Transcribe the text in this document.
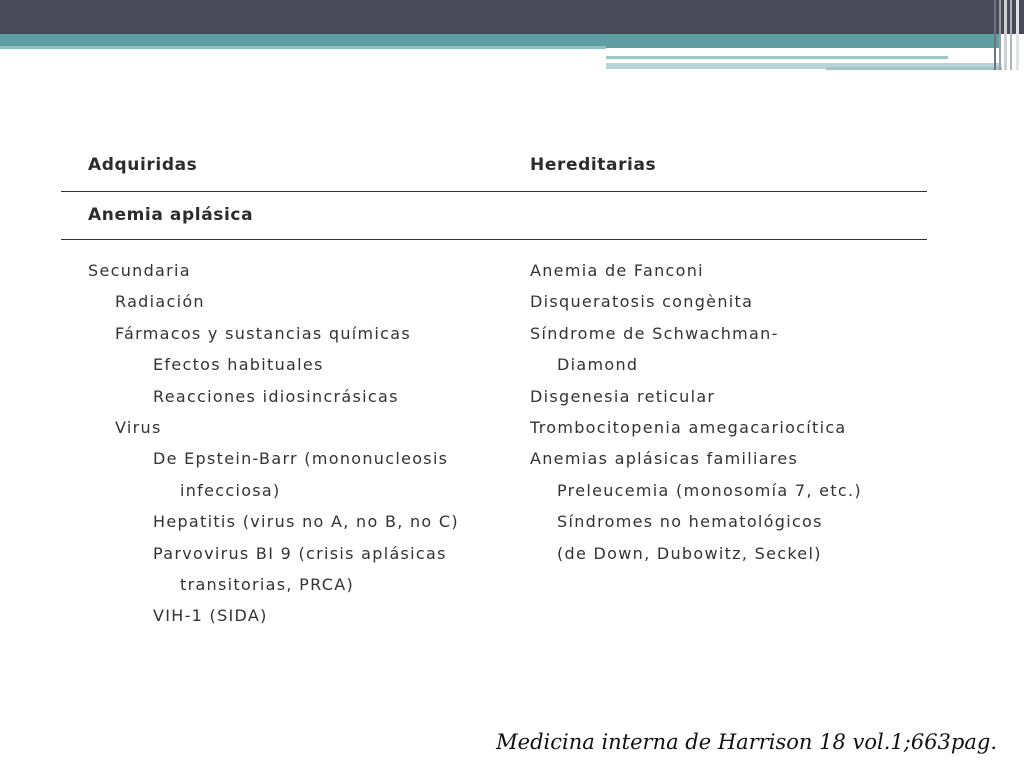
Adquiridas	Hereditarias
Anemia aplásica
Secundaria
Radiación
Fármacos y sustancias químicas
Efectos habituales
Reacciones idiosincrásicas
Virus
De Epstein-Barr (mononucleosis
infecciosa)
Hepatitis (virus no A, no B, no C)
Parvovirus BI 9 (crisis aplásicas
transitorias, PRCA)
VIH-1 (SIDA)
Anemia de Fanconi
Disqueratosis congènita
Síndrome de Schwachman-
Diamond
Disgenesia reticular
Trombocitopenia amegacariocítica
Anemias aplásicas familiares
Preleucemia (monosomía 7, etc.)
Síndromes no hematológicos
(de Down, Dubowitz, Seckel)
Medicina interna de Harrison 18 vol.1;663pag.
